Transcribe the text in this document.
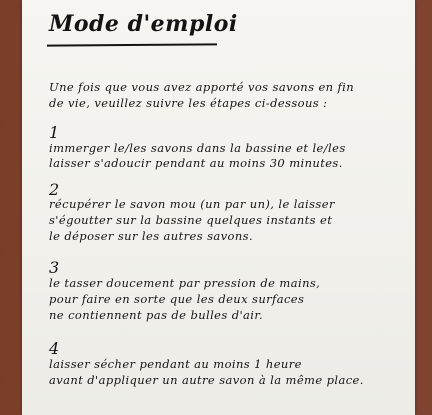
Mode d'emploi
Une fois que vous avez apporté vos savons en fin
de vie, veuillez suivre les étapes ci-dessous :
1
immerger le/les savons dans la bassine et le/les
laisser s'adoucir pendant au moins 30 minutes.
2
récupérer le savon mou (un par un), le laisser
s'égoutter sur la bassine quelques instants et
le déposer sur les autres savons.
3
le tasser doucement par pression de mains,
pour faire en sorte que les deux surfaces
ne contiennent pas de bulles d'air.
4
laisser sécher pendant au moins 1 heure
avant d'appliquer un autre savon à la même place.
